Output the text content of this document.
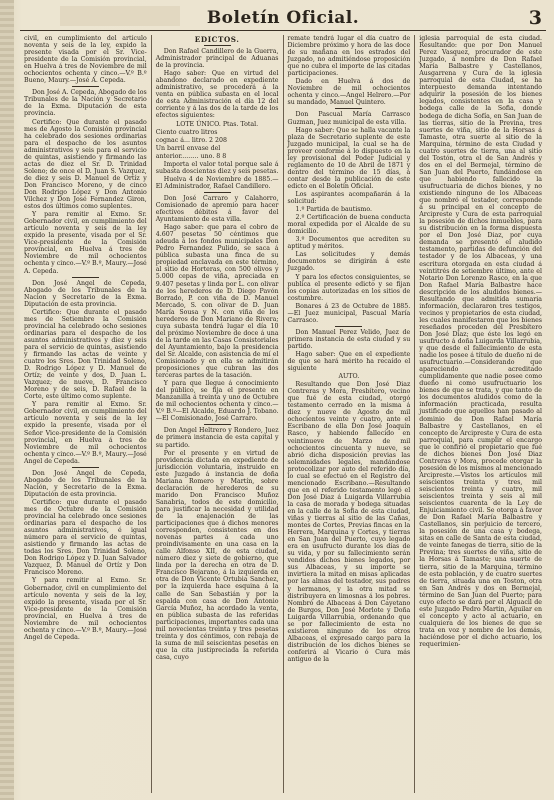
Boletín Oficial.	3

civil, en cumplimiento del artículo noventa y seis de la ley, expido la presente visada por el Sr. Vice-presidente de la Comisión provincial, en Huelva á tres de Noviembre de mil ochocientos ochenta y cinco.—V.º B.º Bueno, Maury.—José A. Cepeda.

Don José A. Cepeda, Abogado de los Tribunales de la Nación y Secretario de la Exma. Diputación de esta provincia.

Certifico: Que durante el pasado mes de Agosto la Comisión provincial ha celebrado dos sesiones ordinarias para el despacho de los asuntos administrativos y seis para el servicio de quintas, asistiendo y firmando las actas de diez el Sr. D. Trinidad Soleno; de once el D. Juan S. Vazquez, de diez y seis D. Manuel de Ortíz y Don Francisco Moreno, y de cinco Don Rodrigo López y Don Antonio Vilchez y Don José Fernandez Giron, estos dos últimos como suplentes.

Y para remitir al Exmo. Sr. Gobernador civil, en cumplimiento del artículo noventa y seis de la ley expido la presente, visada por el Sr. Vice-presidente de la Comisión provincial, en Huelva á tres de Noviembre de mil ochocientos ochenta y cinco.—V.º B.º, Maury.—José A. Cepeda.

Don José Angel de Cepeda, Abogado de los Tribunales de la Nacion y Secretario de la Exma. Diputación de esta provincia.

Certifico: Que durante el pasado mes de Setiembre la Comisión provincial ha celebrado ocho sesiones ordinarias para el despacho de los asuntos administrativos y diez y seis para el servicio de quintas, asistiendo y firmando las actas de veinte y cuatro los Sres. Don Trinidad Soleno, D. Rodrigo López y D. Manuel de Ortíz; de veinte y dos, D. Juan L. Vazquez; de nueve, D. Francisco Moreno y de seis, D. Rafael de la Corte, este último como suplente.

Y para remitir al Exmo. Sr. Gobernador civil, en cumplimiento del artículo noventa y seis de la ley expido la presente, visada por el Señor Vice-presidente de la Comisión provincial, en Huelva á tres de Noviembre de mil ochocientos ochenta y cinco.—V.º B.º, Maury.—José Angel de Cepeda.

Don José Angel de Cepeda, Abogado de los Tribunales de la Nación, y Secretario de la Exma. Diputación de esta provincia.

Certifico: que durante el pasado mes de Octubre de la Comisión provincial ha celebrado once sesiones ordinarias para el despacho de los asuntos administrativos, é igual número para el servicio de quintas, asistiendo y firmando las actas de todas los Sres. Don Trinidad Soleno, Don Rodrigo López y D. Juan Salvador Vazquez, D. Manuel de Ortíz y Don Francisco Moreno.

Y para remitir al Exmo. Sr. Gobernador, civil en cumplimiento del artículo noventa y seis de la ley, expido la presente, visada por el Sr. Vice-presidente de la Comisión provincial, en Huelva á tres de Noviembre de mil ochocientos ochenta y cinco.—V.º B.º, Maury.—José Angel de Cepeda.

EDICTOS.

Don Rafael Candillero de la Guerra, Administrador principal de Aduanas de la provincia.

Hago saber: Que en virtud del abandono declarado en expediente administrativo, se procederá á la venta en pública subasta en el local de esta Administración el día 12 del corriente y á las dos de la tarde de los efectos siguientes:

LOTE ÚNICO. Ptas. Total.

Ciento cuatro litros

cognac á... litro. 2 208

Un barril envase del

anterior......... uno. 8 8

Importa el valor total porque sale á subasta doscientas diez y seis pesetas.

Huelva 4 de Noviembre de 1885.—El Administrador, Rafael Candillero.

Don José Carraro y Calahorro, Comisionado de apremio para hacer efectivos débitos á favor del Ayuntamiento de esta villa.

Hago saber: que para el cobro de 4.607 pesetas 50 céntimos que adeuda á los fondos municipales Don Pedro Fernandez Pulido, se saca á pública subasta una finca de su propiedad enclavada en este término, al sitio de Horteras, con 500 olivos y 5.000 cepas de viña, apreciada en 9.407 pesetas y linda por L. con olivar de los herederos de D. Diego Pavón Borrado, P. con viña de D. Manuel Mercado, S. con olivar de D. Juan María Sousa y N. con viña de los herederos de Don Mariano de Rivera; cuya subasta tendrá lugar el día 10 del próximo Noviembre de doce á una de la tarde en las Casas Consistoriales del Ayuntamiento, bajo la presidencia del Sr. Alcalde, con asistencia de mí el Comisionado y en ella se admitirán proposiciones que cubran las dos terceras partes de la tasación.

Y para que llegue á conocimiento del público, se fija el presente en Manzanilla á treinta y uno de Octubre de mil ochocientos ochenta y cinco.—V.º B.º—El Alcalde, Eduardo J. Tobano.—El Comisionado, José Carraro.

Don Angel Heltrero y Rondero, Juez de primera instancia de esta capital y su partido.

Por el presente y en virtud de providencia dictada en expediente de jurisdicción voluntaria, instruido en este Juzgado á instancia de doña Mariana Romero y Martín, sobre declaración de herederos de su marido Don Francisco Muñoz Sanabria, todos de este domicilio, para justificar la necesidad y utilidad de la enajenación de las participaciones que á dichos menores corresponden, consistentes en dos novenas partes á cada uno proindivisamente en una casa en la calle Alfonso XII, de esta ciudad, número diez y siete de gobierno, que linda por la derecha en otra de D. Francisco Bejarano, á la izquierda en otra de Don Vicente Ortubia Sanchez, por la izquierda hace esquina á la calle de San Sebastián y por la espalda con casa de Don Antonio García Muñoz, ha acordado la venta, en pública subasta de las referidas participaciones, importantes cada una mil novecientas treinta y tres pesetas treinta y dos céntimos, con rebaja de la suma de mil seiscientas pesetas en que la cita justipreciada la referida casa, cuyo

remate tendrá lugar el día cuatro de Diciembre próximo y hora de las doce de su mañana en los estrados del Juzgado, no admitiéndose proposición que no cubra el importe de las citadas participaciones.

Dado en Huelva á dos de Noviembre de mil ochocientos ochenta y cinco.—Angel Helrero.—Por su mandado, Manuel Quintero.

Don Pascual María Carrasco Guzman, Juez municipal de esta villa.

Hago saber: Que se halla vacante la plaza de Secretario suplente de este Juzgado municipal, la cual se ha de proveer conforme á lo dispuesto en la ley provisional del Poder Judicial y reglamento de 10 de Abril de 1871 y dentro del término de 15 días, á contar desde la publicación de este edicto en el Boletín Oficial.

Los aspirantes acompañarán á la solicitud:

1.º Partida de bautismo.

2.º Certificación de buena conducta moral expedida por el Alcalde de su domicilio.

3.º Documentos que acrediten su aptitud y méritos.

Las solicitudes y demás documentos se dirigirán á este Juzgado.

Y para los efectos consiguientes, se publica el presente edicto y se fijan los copias autorizadas en los sitios de costumbre.

Bonares á 23 de Octubre de 1885.—El Juez municipal, Pascual María Carrasco.

Don Manuel Perez Velido, Juez de primera instancia de esta ciudad y su partido.

Hago saber: Que en el expediente de que se hará mérito ha recaído el siguiente

AUTO.

Resultando que Don José Diaz Contreras y Mora, Presbítero, vecino que fué de esta ciudad, otorgó testamento cerrado en la misma á diez y nueve de Agosto de mil ochocientos veinte y cuatro, ante el Escribano de ella Don José Joaquín Rasco, y habiendo fallecido en veintinueve de Marzo de mil ochocientos cincuenta y nueve, se abrió dicha disposición previas las solemnidades legales, mandándose protocolizar por auto del referido día, lo cual se efectuó en el Registro del mencionado Escribano.—Resultando que en el referido testamento legó el Don José Diaz á Luigarda Villarrubia la casa de morada y bodega situadas en la calle de la Sofia de esta ciudad, viñas y tierras al sitio de las Cañas, montes de Cortes, Previas fincas en la Herrera, Marquina y Cortes, y tierras en San Juan del Puerto, cuyo legado era en usufructo durante los días de su vida, y por su fallecimiento serán vendidos dichos bienes legados, por sus Albaceas, y su importe se invirtiera la mitad en misas aplicadas por las almas del testador, sus padres y hermanos, y la otra mitad se distribuyera en limosnas á los pobres. Nombró de Albaceas á Don Cayetano de Burgos, Don José Morlote y Doña Luigarda Villarrubia, ordenando que se por fallecimiento de esta no existieron ninguno de los otros Albaceas, el expresado cargo para la distribución de los dichos bienes se conferirá al Vicario ó Cura más antiguo de la

iglesia parroquial de esta ciudad. Resultando: que por Don Manuel Perez Vasquez, procurador de este Juzgado, á nombre de Don Rafael María Balbastre y Castellanos, Ausgarrena y Cura de la iglesia parroquial de esta Ciudad, se ha interpuesto demanda intentando adquirir la posesión de los bienes legados, consistentes en la casa y bodega calle de la Sofia, donde bodega de dicha Sofía, en San Juan de las tierras, sitio de la Previna, tres suertes de viña, sitio de la Horsas á Tamaste, otra suerte al sitio de la Marquina, término de esta Ciudad y cuatro suertes de tierra, una al sitio del Tostón, otra el de San Andrés y dos en el del Bermejal, término de San Juan del Puerto, fundándose en que habiendo fallecido la usufructuaria de dichos bienes, y no existiendo ninguno de los Albaceas que nombró el testador, corresponde á su principal en el concepto de Arcipreste y Cura de esta parroquial la posesión de dichos inmuebles, para su distribución en la forma dispuesta por el Don José Diaz, por cuya demanda se presentó el aludido testamento, partidas de defunción del testador y de los Albaceas, y una escritura otorgada en esta ciudad á veintitrés de setiembre último, ante el Notario Don Lorenzo Rasco, en la que Don Rafael María Balbastre hace descripción de los aludidos bienes.—Resultando que admitida sumaria información, declararon tres testigos, vecinos y propietarios de esta ciudad, les cuales manifestaron que los bienes reseñados proceden del Presbítero Don José Diaz; que éste los legó en usufructo á doña Luigarda Villarrubia, y que desde el fallecimiento de esta nadie los posee á título de dueño ni de usufructuario.—Considerando que apareciendo acreditado cumplidamente que nadie posee como dueño ni como usufructuario los bienes de que se trata, y que tanto de los documentos aludidos como de la información practicada, resulta justificado que aquellos han pasado al dominio de Don Rafael María Balbastre y Castellanos, en el concepto de Arcipreste y Cura de esta parroquial, para cumplir el encargo que le confirió el propietario que fué de dichos bienes Don José Diaz Contreras y Mora, procede otorgar la posesión de los mismos al mencionado Arcipreste.—Vistos los artículos mil seiscientos treinta y tres, mil seiscientos treinta y cuatro, mil seiscientos treinta y seis al mil seiscientos cuarenta de la Ley de Enjuiciamiento civil. Se otorga á favor de Don Rafael María Balbastre y Castellanos, sin perjuicio de tercero, la posesión de una casa y bodega, sitas en calle de Santa de esta ciudad, de veinte fanegas de tierra, sitio de la Previna; tres suertes de viña, sitio de la Horsas á Tamaste; una suerte de tierra, sitio de la Marquina, término de esta población, y de cuatro suertes de tierra, situada una en Toston, otra en San Andrés y dos en Bermejal, término de San Juan del Puerto; para cuyo efecto se dará por el Alguacil de este Juzgado Pedro Martin, Aguilar en el concepto y acto al actuario, en cualquiera de los bienes de que se trata en voz y nombre de los demás, haciéndose por el dicho actuario, los requerimien-
